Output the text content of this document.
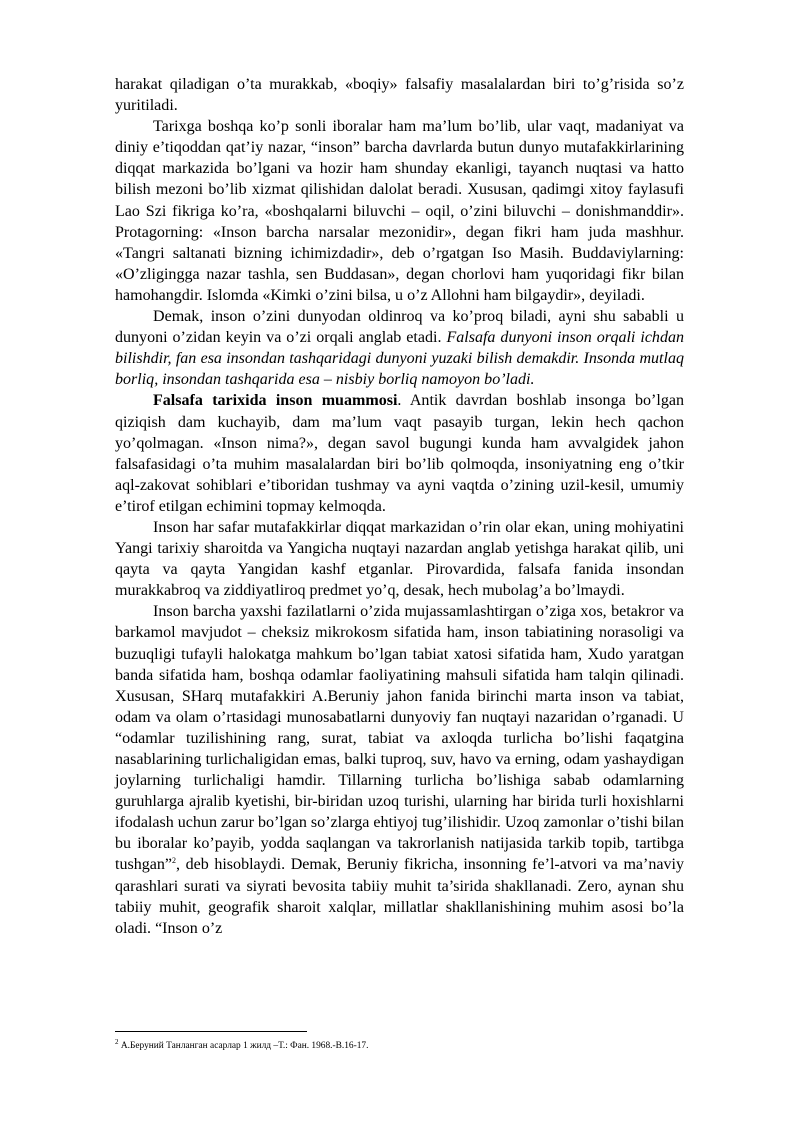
harakat qiladigan o’ta murakkab, «boqiy» falsafiy masalalardan biri to’g’risida so’z yuritiladi.

Tarixga boshqa ko’p sonli iboralar ham ma’lum bo’lib, ular vaqt, madaniyat va diniy e’tiqoddan qat’iy nazar, “inson” barcha davrlarda butun dunyo mutafakkirlarining diqqat markazida bo’lgani va hozir ham shunday ekanligi, tayanch nuqtasi va hatto bilish mezoni bo’lib xizmat qilishidan dalolat beradi. Xususan, qadimgi xitoy faylasufi Lao Szi fikriga ko’ra, «boshqalarni biluvchi – oqil, o’zini biluvchi – donishmanddir». Protagorning: «Inson barcha narsalar mezonidir», degan fikri ham juda mashhur. «Tangri saltanati bizning ichimizdadir», deb o’rgatgan Iso Masih. Buddaviylarning: «O’zligingga nazar tashla, sen Buddasan», degan chorlovi ham yuqoridagi fikr bilan hamohangdir. Islomda «Kimki o’zini bilsa, u o’z Allohni ham bilgaydir», deyiladi.

Demak, inson o’zini dunyodan oldinroq va ko’proq biladi, ayni shu sababli u dunyoni o’zidan keyin va o’zi orqali anglab etadi. Falsafa dunyoni inson orqali ichdan bilishdir, fan esa insondan tashqaridagi dunyoni yuzaki bilish demakdir. Insonda mutlaq borliq, insondan tashqarida esa – nisbiy borliq namoyon bo’ladi.

Falsafa tarixida inson muammosi. Antik davrdan boshlab insonga bo’lgan qiziqish dam kuchayib, dam ma’lum vaqt pasayib turgan, lekin hech qachon yo’qolmagan. «Inson nima?», degan savol bugungi kunda ham avvalgidek jahon falsafasidagi o’ta muhim masalalardan biri bo’lib qolmoqda, insoniyatning eng o’tkir aql-zakovat sohiblari e’tiboridan tushmay va ayni vaqtda o’zining uzil-kesil, umumiy e’tirof etilgan echimini topmay kelmoqda.

Inson har safar mutafakkirlar diqqat markazidan o’rin olar ekan, uning mohiyatini Yangi tarixiy sharoitda va Yangicha nuqtayi nazardan anglab yetishga harakat qilib, uni qayta va qayta Yangidan kashf etganlar. Pirovardida, falsafa fanida insondan murakkabroq va ziddiyatliroq predmet yo’q, desak, hech mubolag’a bo’lmaydi.

Inson barcha yaxshi fazilatlarni o’zida mujassamlashtirgan o’ziga xos, betakror va barkamol mavjudot – cheksiz mikrokosm sifatida ham, inson tabiatining norasoligi va buzuqligi tufayli halokatga mahkum bo’lgan tabiat xatosi sifatida ham, Xudo yaratgan banda sifatida ham, boshqa odamlar faoliyatining mahsuli sifatida ham talqin qilinadi. Xususan, SHarq mutafakkiri A.Beruniy jahon fanida birinchi marta inson va tabiat, odam va olam o’rtasidagi munosabatlarni dunyoviy fan nuqtayi nazaridan o’rganadi. U “odamlar tuzilishining rang, surat, tabiat va axloqda turlicha bo’lishi faqatgina nasablarining turlichaligidan emas, balki tuproq, suv, havo va erning, odam yashaydigan joylarning turlichaligi hamdir. Tillarning turlicha bo’lishiga sabab odamlarning guruhlarga ajralib kyetishi, bir-biridan uzoq turishi, ularning har birida turli hoxishlarni ifodalash uchun zarur bo’lgan so’zlarga ehtiyoj tug’ilishidir. Uzoq zamonlar o’tishi bilan bu iboralar ko’payib, yodda saqlangan va takrorlanish natijasida tarkib topib, tartibga tushgan”$^2$, deb hisoblaydi. Demak, Beruniy fikricha, insonning fe’l-atvori va ma’naviy qarashlari surati va siyrati bevosita tabiiy muhit ta’sirida shakllanadi. Zero, aynan shu tabiiy muhit, geografik sharoit xalqlar, millatlar shakllanishining muhim asosi bo’la oladi. “Inson o’z

$^2$ А.Беруний Танланган асарлар 1 жилд –Т.: Фан. 1968.-В.16-17.
